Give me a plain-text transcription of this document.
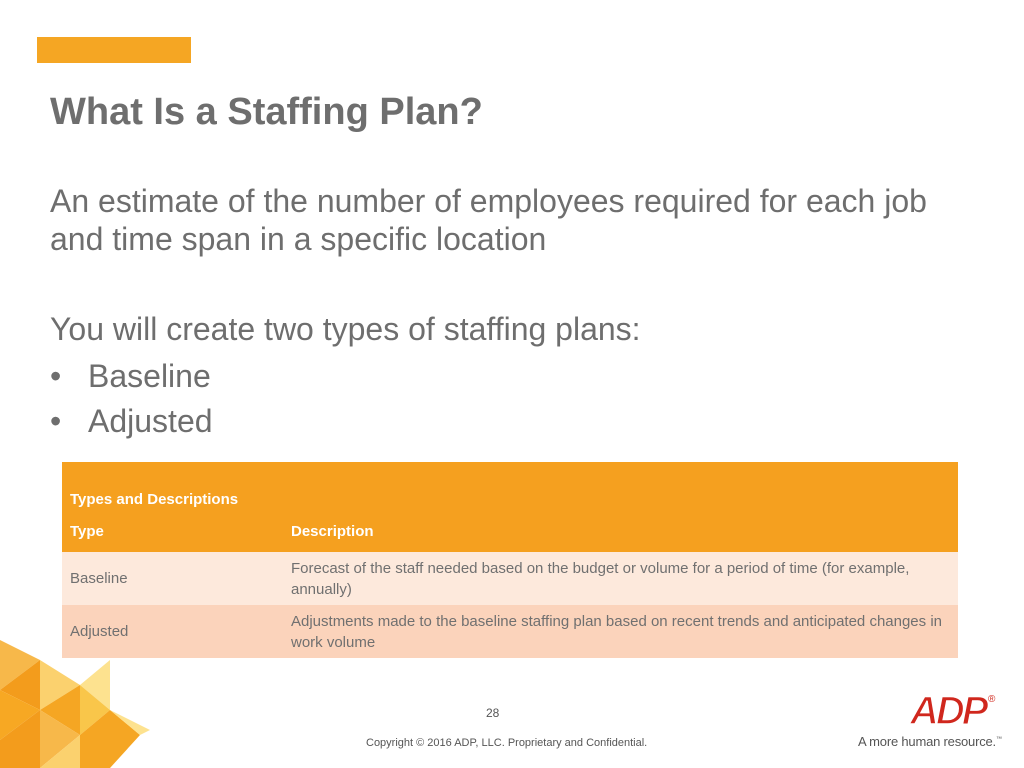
What Is a Staffing Plan?

An estimate of the number of employees required for each job and time span in a specific location

You will create two types of staffing plans:

• Baseline
• Adjusted
Types and Descriptions	
Type	Description
Baseline	Forecast of the staff needed based on the budget or volume for a period of time (for example, annually)
Adjusted	Adjustments made to the baseline staffing plan based on recent trends and anticipated changes in work volume
28
Copyright © 2016 ADP, LLC. Proprietary and Confidential.
ADP ®
A more human resource.™
